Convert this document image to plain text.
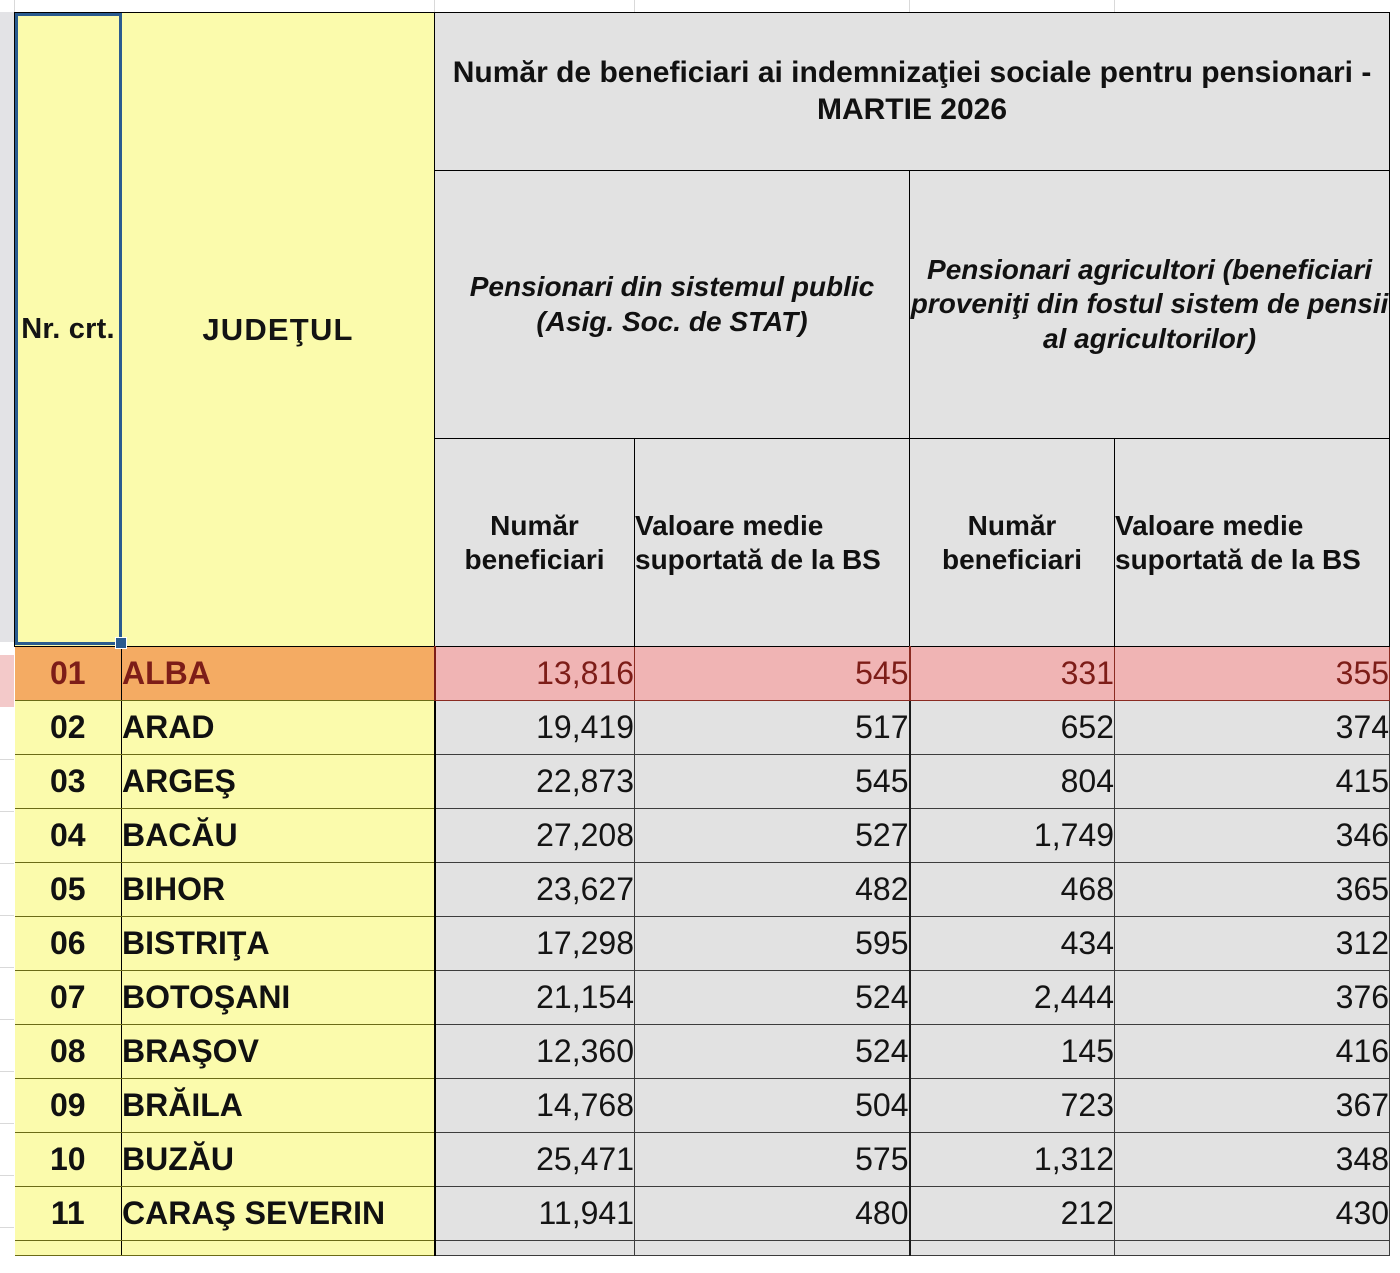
Nr. crt.	JUDEŢUL	Număr de beneficiari ai indemnizaţiei sociale pentru pensionari - MARTIE 2026			
		Pensionari din sistemul public (Asig. Soc. de STAT)		Pensionari agricultori (beneficiari proveniţi din fostul sistem de pensii al agricultorilor)	
		Număr beneficiari	Valoare medie suportată de la BS	Număr beneficiari	Valoare medie suportată de la BS
01	ALBA	13,816	545	331	355
02	ARAD	19,419	517	652	374
03	ARGEŞ	22,873	545	804	415
04	BACĂU	27,208	527	1,749	346
05	BIHOR	23,627	482	468	365
06	BISTRIŢA	17,298	595	434	312
07	BOTOŞANI	21,154	524	2,444	376
08	BRAŞOV	12,360	524	145	416
09	BRĂILA	14,768	504	723	367
10	BUZĂU	25,471	575	1,312	348
11	CARAŞ SEVERIN	11,941	480	212	430
